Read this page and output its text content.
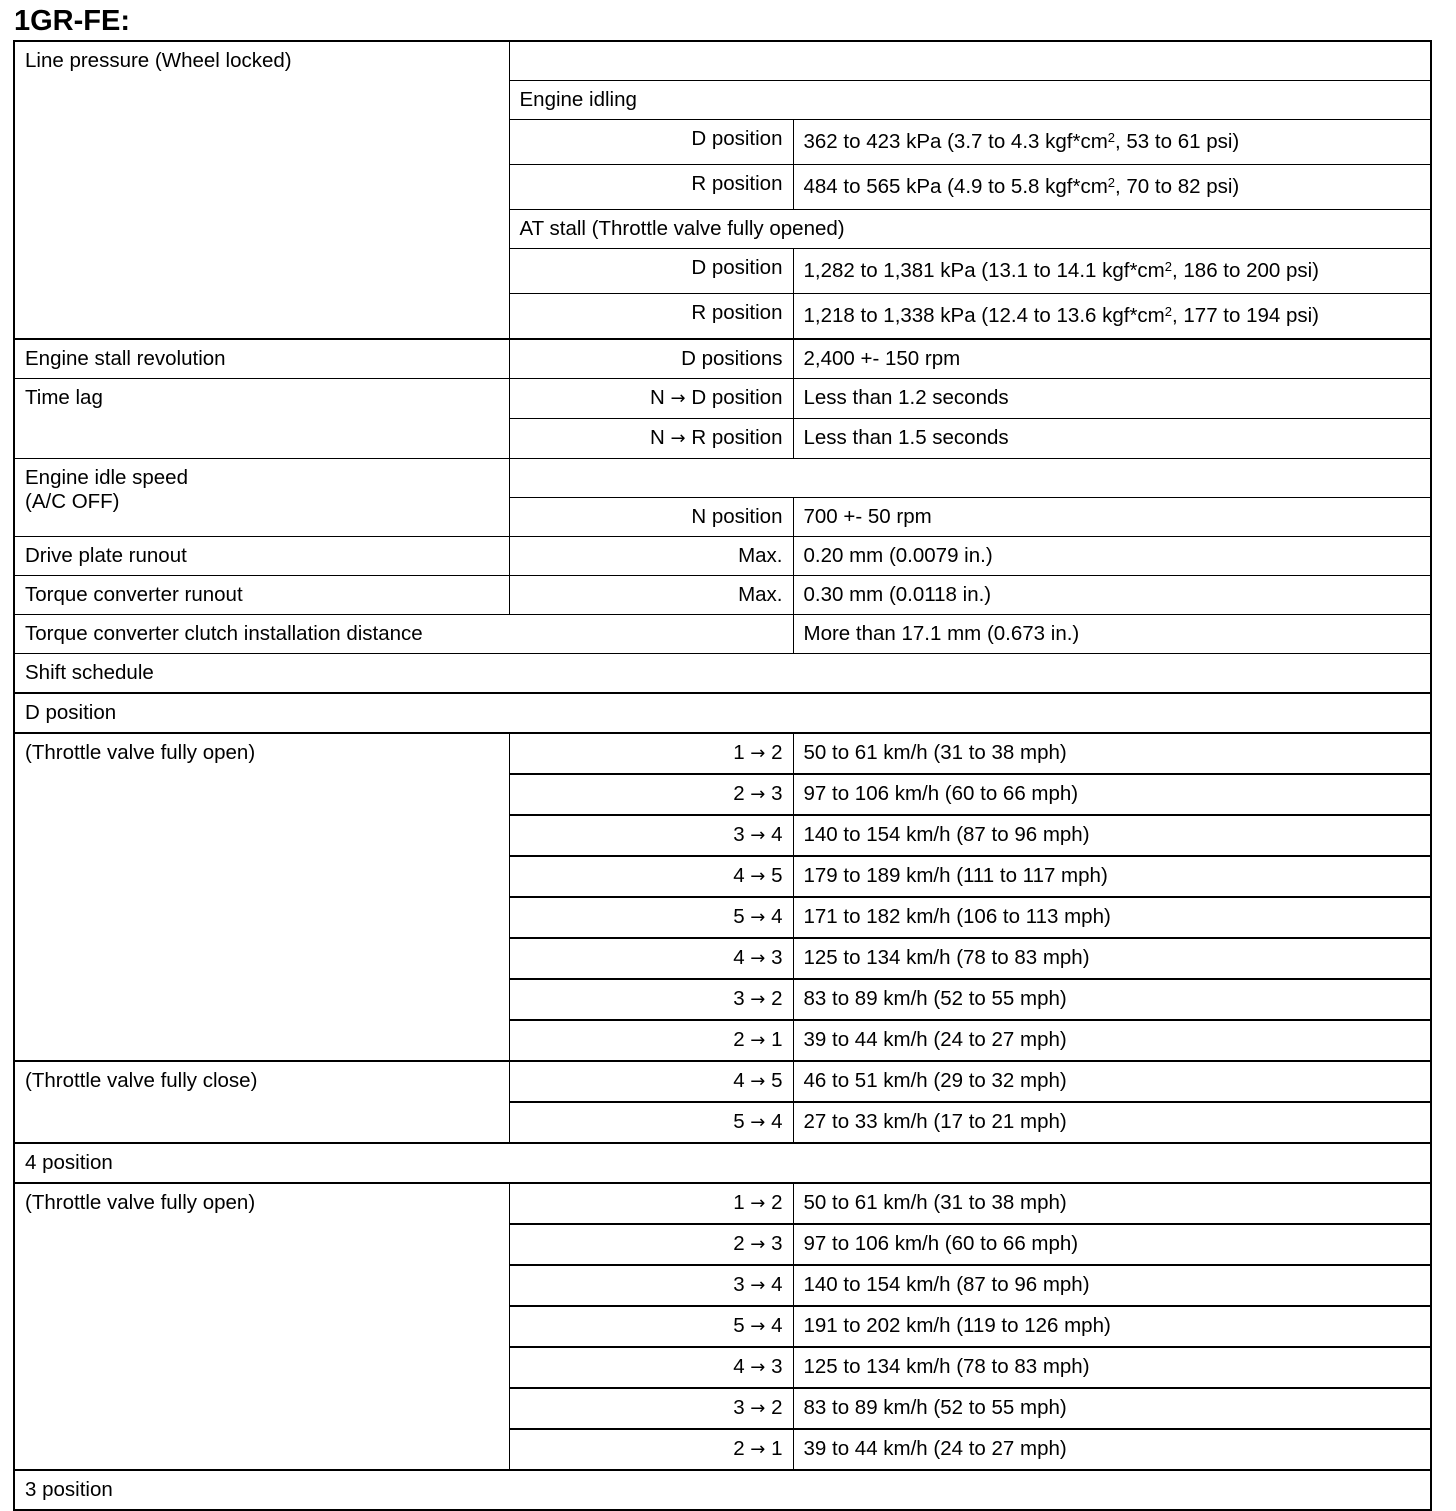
1GR-FE:
Line pressure (Wheel locked)		
	Engine idling	
	D position	362 to 423 kPa (3.7 to 4.3 $kgf*cm^2$, 53 to 61 psi)
	R position	484 to 565 kPa (4.9 to 5.8 $kgf*cm^2$, 70 to 82 psi)
	AT stall (Throttle valve fully opened)	
	D position	1,282 to 1,381 kPa (13.1 to 14.1 $kgf*cm^2$, 186 to 200 psi)
	R position	1,218 to 1,338 kPa (12.4 to 13.6 $kgf*cm^2$, 177 to 194 psi)
Engine stall revolution	D positions	2,400 +- 150 rpm
Time lag	N → D position	Less than 1.2 seconds
	N → R position	Less than 1.5 seconds
Engine idle speed
(A/C OFF)		
	N position	700 +- 50 rpm
Drive plate runout	Max.	0.20 mm (0.0079 in.)
Torque converter runout	Max.	0.30 mm (0.0118 in.)
Torque converter clutch installation distance		More than 17.1 mm (0.673 in.)
Shift schedule		
D position		
(Throttle valve fully open)	1 → 2	50 to 61 km/h (31 to 38 mph)
	2 → 3	97 to 106 km/h (60 to 66 mph)
	3 → 4	140 to 154 km/h (87 to 96 mph)
	4 → 5	179 to 189 km/h (111 to 117 mph)
	5 → 4	171 to 182 km/h (106 to 113 mph)
	4 → 3	125 to 134 km/h (78 to 83 mph)
	3 → 2	83 to 89 km/h (52 to 55 mph)
	2 → 1	39 to 44 km/h (24 to 27 mph)
(Throttle valve fully close)	4 → 5	46 to 51 km/h (29 to 32 mph)
	5 → 4	27 to 33 km/h (17 to 21 mph)
4 position		
(Throttle valve fully open)	1 → 2	50 to 61 km/h (31 to 38 mph)
	2 → 3	97 to 106 km/h (60 to 66 mph)
	3 → 4	140 to 154 km/h (87 to 96 mph)
	5 → 4	191 to 202 km/h (119 to 126 mph)
	4 → 3	125 to 134 km/h (78 to 83 mph)
	3 → 2	83 to 89 km/h (52 to 55 mph)
	2 → 1	39 to 44 km/h (24 to 27 mph)
3 position		
